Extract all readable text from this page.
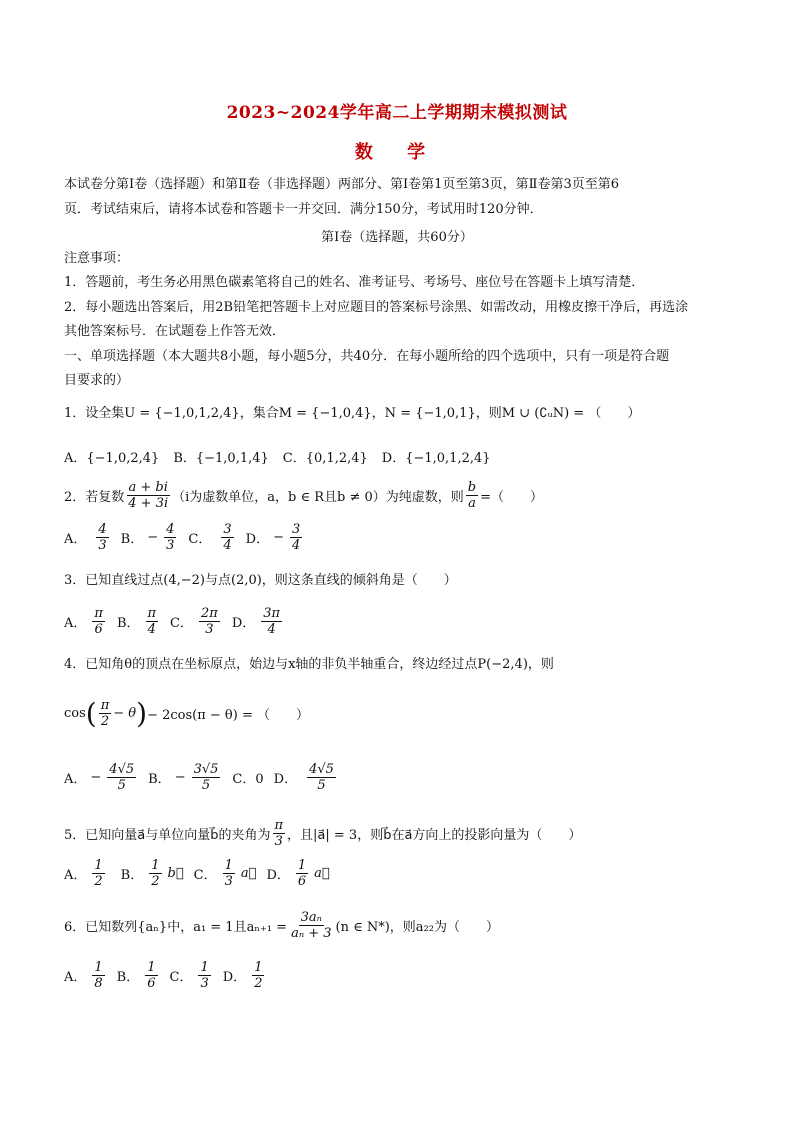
2023~2024学年高二上学期期末模拟测试
数 学
本试卷分第Ⅰ卷（选择题）和第Ⅱ卷（非选择题）两部分、第Ⅰ卷第1页至第3页，第Ⅱ卷第3页至第6
页．考试结束后，请将本试卷和答题卡一并交回．满分150分，考试用时120分钟．
第Ⅰ卷（选择题，共60分）
注意事项：
1．答题前，考生务必用黑色碳素笔将自己的姓名、准考证号、考场号、座位号在答题卡上填写清楚．
2．每小题选出答案后，用2B铅笔把答题卡上对应题目的答案标号涂黑、如需改动，用橡皮擦干净后，再选涂
其他答案标号．在试题卷上作答无效．
一、单项选择题（本大题共8小题，每小题5分，共40分．在每小题所给的四个选项中，只有一项是符合题
目要求的）
1．设全集U = {−1,0,1,2,4}，集合M = {−1,0,4}，N = {−1,0,1}，则M ∪ (∁ᵤN) = （　　）
A．{−1,0,2,4} B．{−1,0,1,4} C．{0,1,2,4} D．{−1,0,1,2,4}
2．若复数 $\frac{a + bi}{4 + 3i} (i$为虚数单位，a，b ∈ R且b ≠ 0）为纯虚数，则 $\frac{b}{a}$ =（　　）
A． $\frac{4}{3}$ B． − $\frac{4}{3}$ C． $\frac{3}{4}$ D． − $\frac{3}{4}$
3．已知直线过点(4,−2)与点(2,0)，则这条直线的倾斜角是（　　）
A． $\frac{\pi}{6}$ B． $\frac{\pi}{4}$ C． $\frac{2\pi}{3}$ D． $\frac{3\pi}{4}$
4．已知角θ的顶点在坐标原点，始边与x轴的非负半轴重合，终边经过点P(−2,4)，则
cos ( $\frac{\pi}{2} - \theta$ ) − 2cos(π − θ) = （　　）
A． − $\frac{4√5}{5}$ B． − $\frac{3√5}{5}$ C．0 D． $\frac{4√5}{5}$
5．已知向量a⃗与单位向量b⃗的夹角为 $\frac{\pi}{3}$ ，且|a⃗| = 3，则b⃗在a⃗方向上的投影向量为（　　）
A． $\frac{1}{2}$ B． $\frac{1}{2}$ b⃗ C． $\frac{1}{3}$ a⃗ D． $\frac{1}{6}$ a⃗
6．已知数列{aₙ}中，a₁ = 1且$a_{n+1} = \frac{\text{3aₙ}}{\text{aₙ + 3}} (n$ ∈ N*)，则a₂₂为（　　）
A． $\frac{1}{8}$ B． $\frac{1}{6}$ C． $\frac{1}{3}$ D． $\frac{1}{2}$
